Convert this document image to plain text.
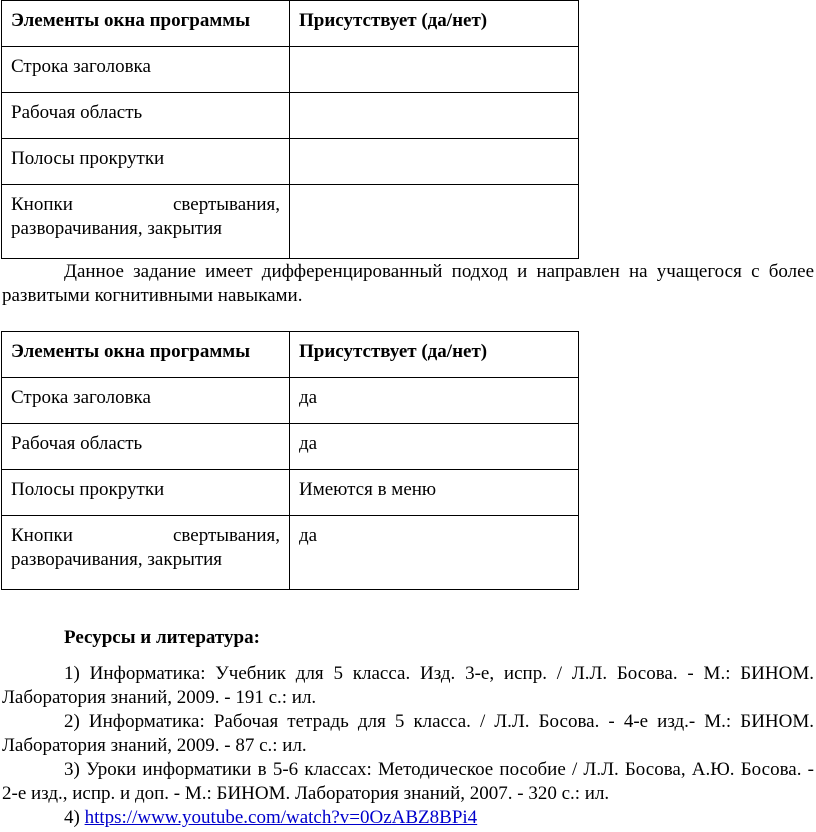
Элементы окна программы	Присутствует (да/нет)
Строка заголовка	
Рабочая область	
Полосы прокрутки	

Кнопки свертывания,
разворачивания, закрытия	
Данное задание имеет дифференцированный подход и направлен на учащегося с более развитыми когнитивными навыками.
Элементы окна программы	Присутствует (да/нет)
Строка заголовка	да
Рабочая область	да
Полосы прокрутки	Имеются в меню

Кнопки свертывания,
разворачивания, закрытия	да
Ресурсы и литература:
1) Информатика: Учебник для 5 класса. Изд. 3-е, испр. / Л.Л. Босова. - М.: БИНОМ. Лаборатория знаний, 2009. - 191 с.: ил.
2) Информатика: Рабочая тетрадь для 5 класса. / Л.Л. Босова. - 4-е изд.- М.: БИНОМ. Лаборатория знаний, 2009. - 87 с.: ил.
3) Уроки информатики в 5-6 классах: Методическое пособие / Л.Л. Босова, А.Ю. Босова. - 2-е изд., испр. и доп. - М.: БИНОМ. Лаборатория знаний, 2007. - 320 с.: ил.
4) https://www.youtube.com/watch?v=0OzABZ8BPi4
